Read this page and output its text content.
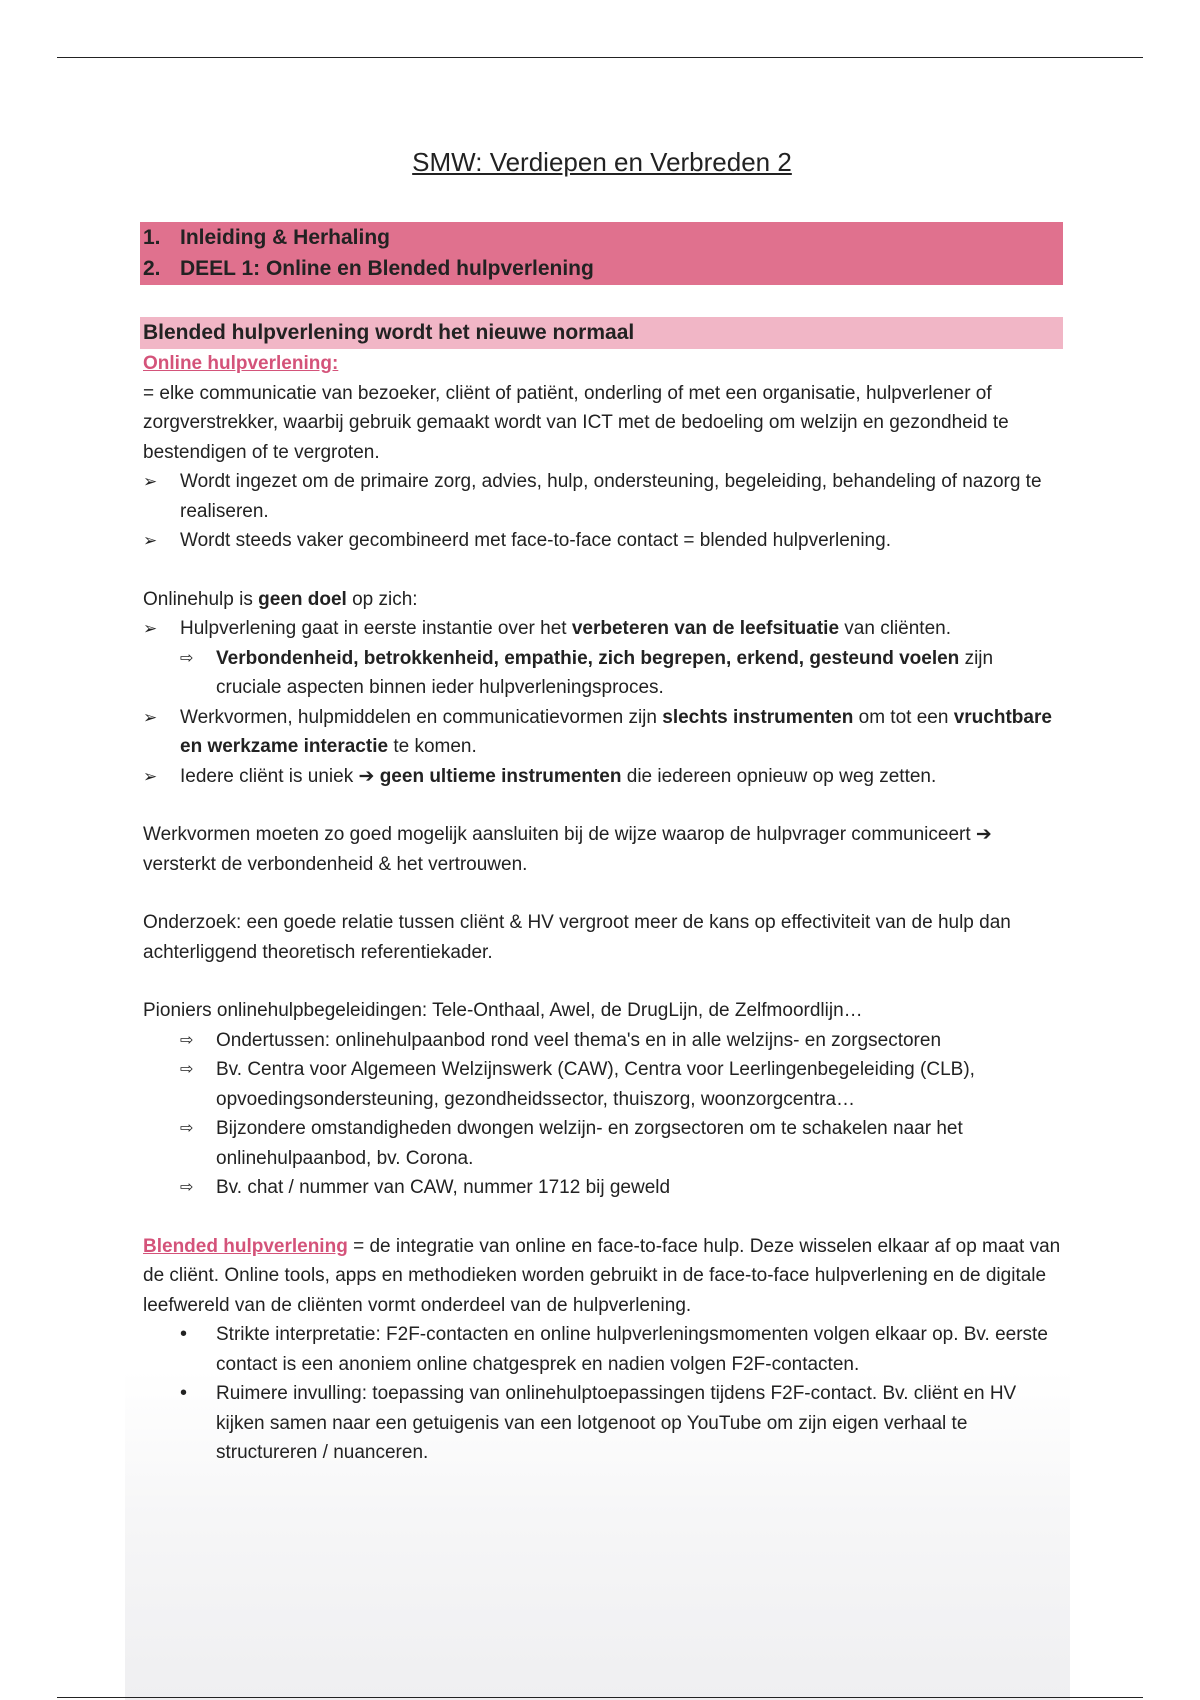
SMW: Verdiepen en Verbreden 2
1. Inleiding & Herhaling
2. DEEL 1: Online en Blended hulpverlening
Blended hulpverlening wordt het nieuwe normaal

Online hulpverlening:

= elke communicatie van bezoeker, cliënt of patiënt, onderling of met een organisatie, hulpverlener of zorgverstrekker, waarbij gebruik gemaakt wordt van ICT met de bedoeling om welzijn en gezondheid te bestendigen of te vergroten.

➢	Wordt ingezet om de primaire zorg, advies, hulp, ondersteuning, begeleiding, behandeling of nazorg te realiseren.
➢	Wordt steeds vaker gecombineerd met face-to-face contact = blended hulpverlening.

Onlinehulp is geen doel op zich:

➢	Hulpverlening gaat in eerste instantie over het verbeteren van de leefsituatie van cliënten.
⇨	Verbondenheid, betrokkenheid, empathie, zich begrepen, erkend, gesteund voelen zijn cruciale aspecten binnen ieder hulpverleningsproces.
➢	Werkvormen, hulpmiddelen en communicatievormen zijn slechts instrumenten om tot een vruchtbare en werkzame interactie te komen.
➢	Iedere cliënt is uniek ➔ geen ultieme instrumenten die iedereen opnieuw op weg zetten.

Werkvormen moeten zo goed mogelijk aansluiten bij de wijze waarop de hulpvrager communiceert ➔ versterkt de verbondenheid & het vertrouwen.

Onderzoek: een goede relatie tussen cliënt & HV vergroot meer de kans op effectiviteit van de hulp dan achterliggend theoretisch referentiekader.

Pioniers onlinehulpbegeleidingen: Tele-Onthaal, Awel, de DrugLijn, de Zelfmoordlijn…

⇨	Ondertussen: onlinehulpaanbod rond veel thema's en in alle welzijns- en zorgsectoren
⇨	Bv. Centra voor Algemeen Welzijnswerk (CAW), Centra voor Leerlingenbegeleiding (CLB), opvoedingsondersteuning, gezondheidssector, thuiszorg, woonzorgcentra…
⇨	Bijzondere omstandigheden dwongen welzijn- en zorgsectoren om te schakelen naar het onlinehulpaanbod, bv. Corona.
⇨	Bv. chat / nummer van CAW, nummer 1712 bij geweld

Blended hulpverlening = de integratie van online en face-to-face hulp. Deze wisselen elkaar af op maat van de cliënt. Online tools, apps en methodieken worden gebruikt in de face-to-face hulpverlening en de digitale leefwereld van de cliënten vormt onderdeel van de hulpverlening.

•	Strikte interpretatie: F2F-contacten en online hulpverleningsmomenten volgen elkaar op. Bv. eerste contact is een anoniem online chatgesprek en nadien volgen F2F-contacten.
•	Ruimere invulling: toepassing van onlinehulptoepassingen tijdens F2F-contact. Bv. cliënt en HV kijken samen naar een getuigenis van een lotgenoot op YouTube om zijn eigen verhaal te structureren / nuanceren.
